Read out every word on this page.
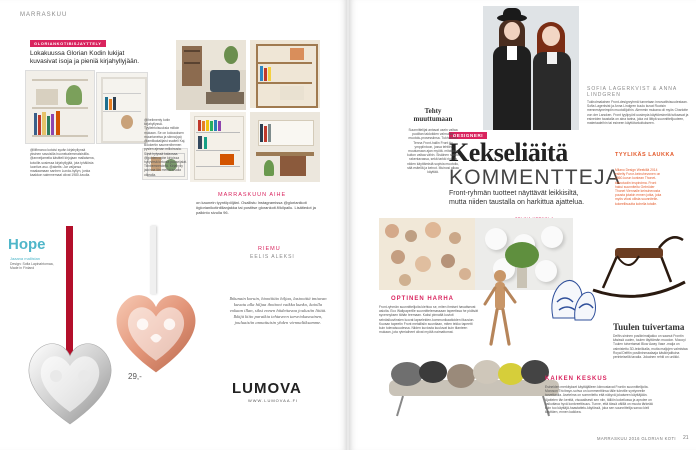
MARRASKUU
GLORIANKOTIBISJAYTTELY
Lokakuussa Glorian Kodin lukijat kuvasivat isoja ja pieniä kirjahyllyjään.
@lilfimaroo kotoisi syvän kirjahyllynsä yksinen savuisilla huonekalemmaisistilla. @anneijamelia käsitteli kirjojaan mallaisena, kotoille-sosiessa kirjahyllyjää, jota tyhälösta luontiva asu. @aketts: Jar valjansa maalaamaan sanhen Lunda-hyllyn, jonka kaakkon saimmemaal olivat 1980-luvulla.
@ihelimenty kotin kirjahyllyssä. Tyyliehtoisuuksia milloin mukaan. Se on koloauksen muuntaneisa ja siinna(qa) @amilkakalijaist ssaiteli Kaj. Bookertin saumenlhemen pysien ajenan milloinusia. Siinä hylyssä kalaosaa. @goldencupbe kirjoissa hyllyvirsä kirtuntä puuseijalat. Tilinbemnestintä. Kirjahylly jaloinna iän merkä lusalla oikealla.
MARRASKUUN AIHE
on kaunein tyyntöpöljäni. Osallistu Instagramissa @glorianikoti #glorianikotintillanjakka tai postitse glorankoti.fi/kilpailu. Lisätiedot ja palkinto sivulla 96.
Hope
Jaaana mallistan
Design: Sofia Lapinahtomaa, Made in Finland
29,-
RIEMU
EELIS ALEKSI
Ihkunain koruin, hiontiitäo hiljaa, lastoottiä tmiuvan kuvatu alla hiljaa ihottoni vaikka kunko, kaiolla vokaan illan, siksi ennen hiidettavaa joulusiin liitää. Ikkijä kiito paraikia tehtaveen tarveiokasvainen, jouluaisiin annattuisin yhden viennaltiksamme.
LUMOVA
WWW.LUMOVAA.FI
DESIGNERI
Kekseliäitä
KOMMENTTEJA
Front-ryhmän tuotteet näyttävät leikkisiltä, mutta niiden taustalla on harkittua ajattelua.
SOFIA LAGERKVIST & ANNA LINDGREN
Tukholmalainen Front-designryhmä tunnetaan innovatiivisuudestaan. Sofia Lagerkvist ja Anna Lindgren kuulu kuvat Ruotsin mennestyneimpiin muotoilijoihin. Alemmin mukana oli myös Charlotte von der Lancken. Front tyylipyörii uusimpia käyttöesineitä tutkaavat ja esineiden taustalla on aina tarina, joka voi liittyä suunnittelijuuteen, materiaaleihin tai esineen käyttötarkoitukseen.
Tehty muuttumaan
Suunnittelijat antavat usein valtaa puolitan taidotiden valmuhtia muotolu-prosessiinsa. Tukholman Tenna Front-hallin Front tiu ymppiintoon, jossa tehtiin muutumaan ajan myötä. mitatoida kuiton valtaa vähin. Sisäinen rasittu rakentavassa, sekä tarkki rivi. Ja niiden käyttämistä sopivia muotoilu, sitä esitellä ja keinot. Muinosi alkaa käyttää.
TYYLIKÄS LAUKKA
Milano Design Weekillä 2014 esitelty Furor-keinuhevonen on 1860-luvun korkean Thonet-keinutuolin inspiroima. Front hakui suunniteltu Gebrüder Thonet Viennalle keinuhevosta puusta jotakin ennen jotka, joka myös vilosi ollista suunnitelle-kokeellisuutta kohella totalle.
OPTINEN HARHA
Front-ryhmän suunnittelijoita kiehtoo se, miten ihmiset havaitsevat asioita. Eco Wallpaperille suunnittelemassaan tapeetissa he pidävät syvennyksen tähän teemaan. Kaksi pinnaltä kuvioit seinäsikuviinsien luovat lapseleiden-kommunikaatioiden illuusion. Kuvaan tapeetin Front metallisiin suuntiaan, miten tekko tapeetti kuin tulevaisuudessa. Niiden kuviosta kuuluvat kuin tilanteen mukaan, jota rytmiaiheet olivat myötä naimattomat.
Tuulen tuivertama
Delfin-sininen posliinimaljakko on saanut Frontin käsissä uuden, tuulen täyttämän muodon. Moooyi Tuulen tuivertamat Blow Away Vase -malja on valmistettu 3D-tekniikalla, mutta maljojen valmistaa Royal Delftin posliininmaalaaja käsikirjailtuina perinteisellä tavalla. Jokainen rehtii on uniikki.
KAIKEN KESKUS
Esineiden merkitykset käyttäjälleen kiinnostavat Frontin suunnittelijoita. Moroson Tricitrayn-sohva on kommenttiinsa tälle tuleville syntyneelle tarvettaalla. Asetelma on sommiteltu että näkyvä jokaiseen käyttäjään. Ajattelen tän kenttä, visuaalisesti sen niin, tällöin kokeilussa ja aprolee on vaikuttava hyvä konkreettisuus. Tunne, että tässä välillä on muuta tärkeää kuin tuo käyttäjä-haastattelu-käytössä, joka sen suunnittelija sanoo kieli käyttäen, ennen kaikkea.
MARRASKUU 2016 GLORIAN KOTI 21
